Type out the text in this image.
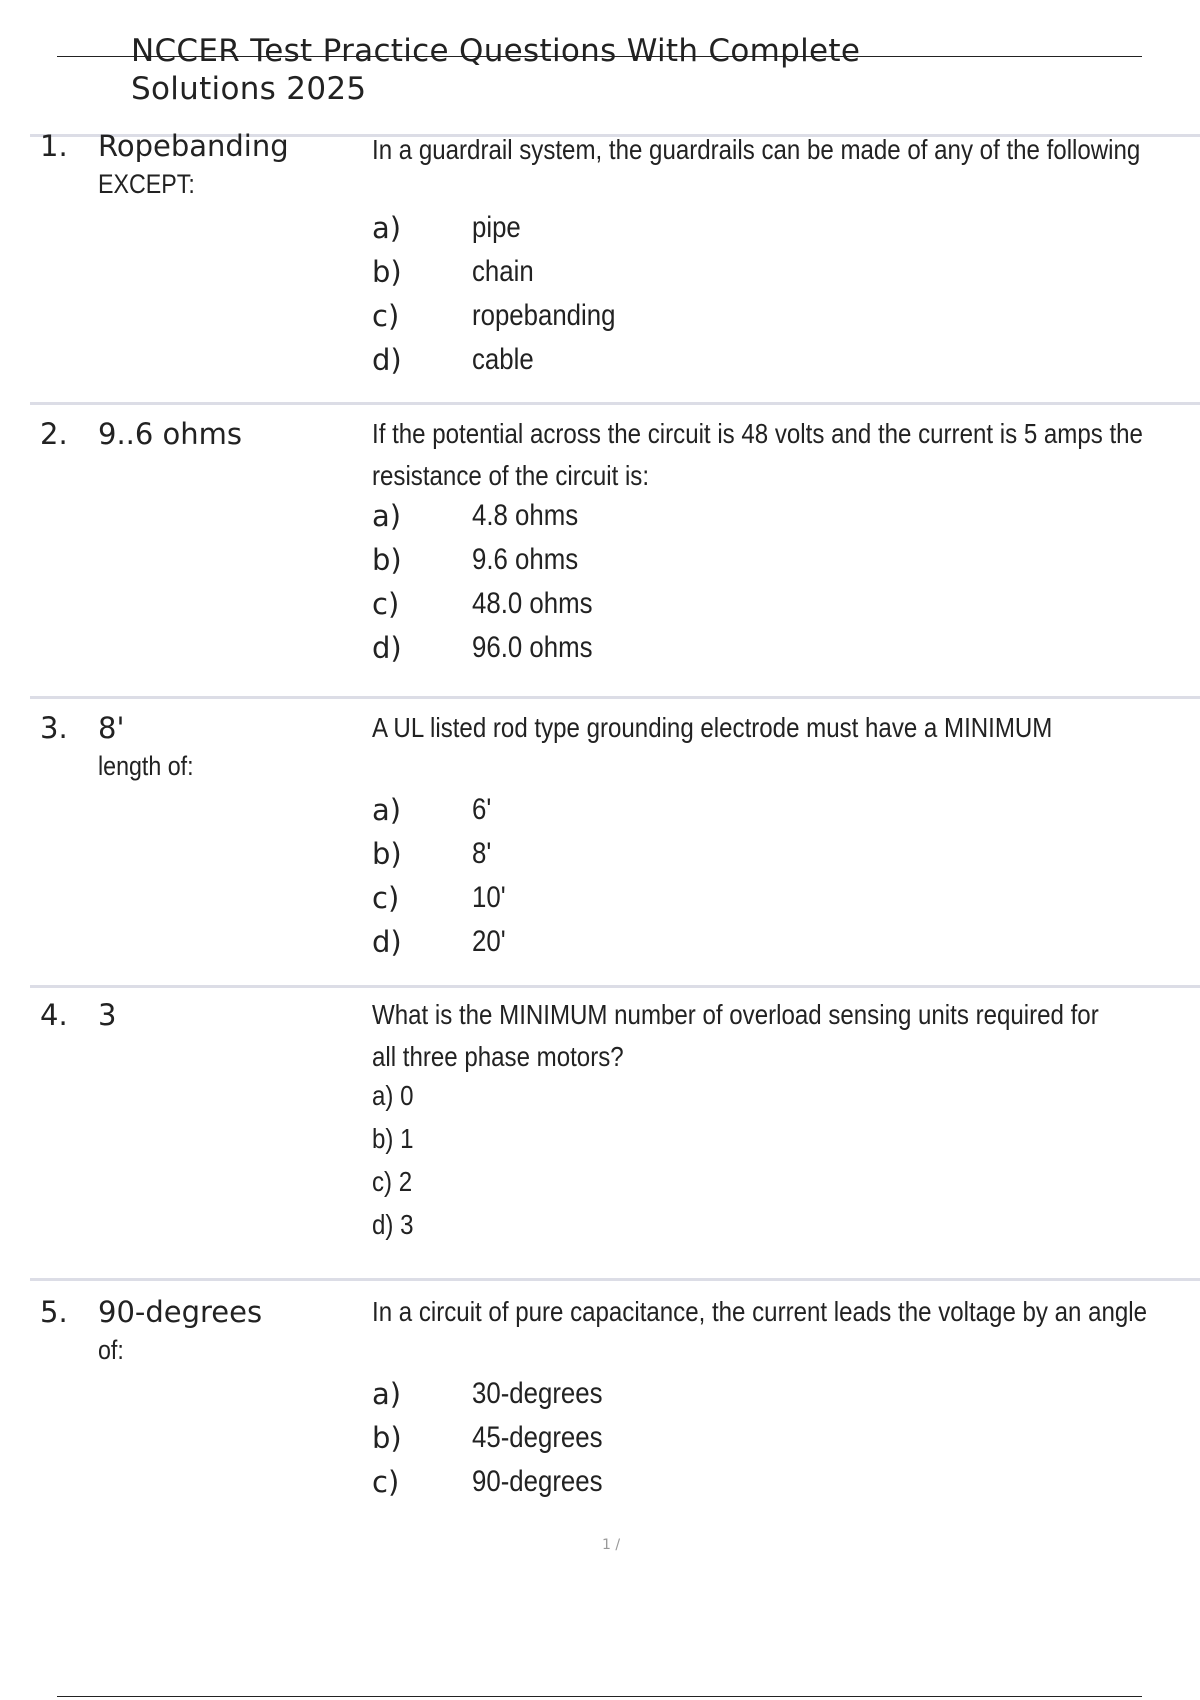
NCCER Test Practice Questions With Complete
Solutions 2025
1. Ropebanding
EXCEPT:
In a guardrail system, the guardrails can be made of any of the following
a) pipe
b) chain
c) ropebanding
d) cable
2. 9..6 ohms	If the potential across the circuit is 48 volts and the current is 5 amps the
resistance of the circuit is:
a) 4.8 ohms
b) 9.6 ohms
c) 48.0 ohms
d) 96.0 ohms
3. 8'
length of:
A UL listed rod type grounding electrode must have a MINIMUM
a) 6'
b) 8'
c) 10'
d) 20'
4. 3	What is the MINIMUM number of overload sensing units required for
all three phase motors?
a) 0
b) 1
c) 2
d) 3
5. 90-degrees
of:
In a circuit of pure capacitance, the current leads the voltage by an angle
a) 30-degrees
b) 45-degrees
c) 90-degrees
1 /
